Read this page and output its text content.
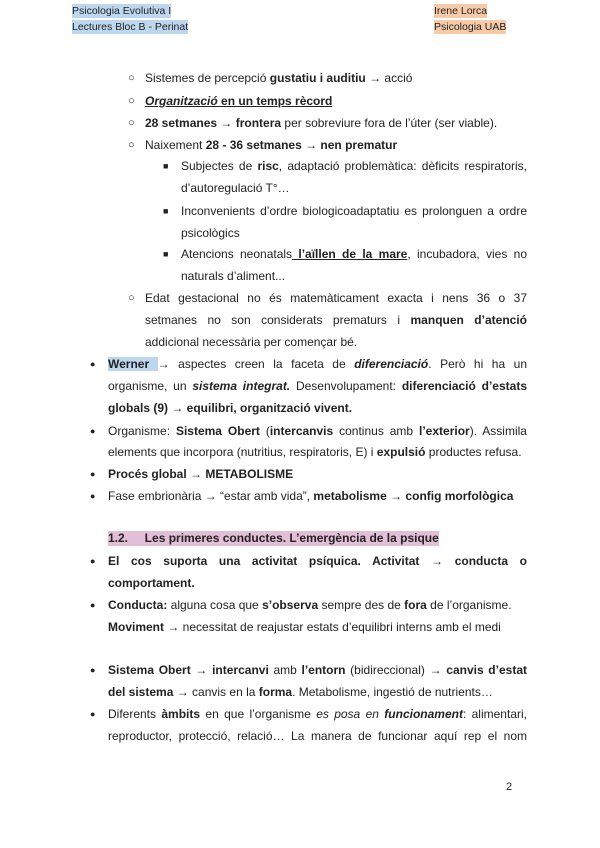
Psicologia Evolutiva I
Lectures Bloc B - Perinat
Irene Lorca
Psicologia UAB
○ Sistemes de percepció gustatiu i auditiu → acció
○ Organització en un temps rècord
○ 28 setmanes → frontera per sobreviure fora de l’úter (ser viable).
○ Naixement 28 - 36 setmanes → nen prematur
■ Subjectes de risc, adaptació problemàtica: dèficits respiratoris,
d’autoregulació T°…
■ Inconvenients d’ordre biologicoadaptatiu es prolonguen a ordre
psicològics
■ Atencions neonatals l’aïllen de la mare, incubadora, vies no
naturals d’aliment...
○ Edat gestacional no és matemàticament exacta i nens 36 o 37
setmanes no son considerats prematurs i manquen d’atenció
addicional necessària per començar bé.
● Werner → aspectes creen la faceta de diferenciació. Però hi ha un
organisme, un sistema integrat. Desenvolupament: diferenciació d’estats
globals (9) → equilibri, organització vivent.
● Organisme: Sistema Obert (intercanvis continus amb l’exterior). Assimila
elements que incorpora (nutritius, respiratoris, E) i expulsió productes refusa.
● Procés global → METABOLISME
● Fase embrionària → “estar amb vida”, metabolisme → config morfològica
1.2.     Les primeres conductes. L’emergència de la psique
● El cos suporta una activitat psíquica. Activitat → conducta o
comportament.
● Conducta: alguna cosa que s’observa sempre des de fora de l’organisme.
Moviment → necessitat de reajustar estats d’equilibri interns amb el medi
● Sistema Obert → intercanvi amb l’entorn (bidireccional) → canvis d’estat
del sistema → canvis en la forma. Metabolisme, ingestió de nutrients…
● Diferents àmbits en que l’organisme es posa en funcionament: alimentari,
reproductor, protecció, relació… La manera de funcionar aquí rep el nom
2
